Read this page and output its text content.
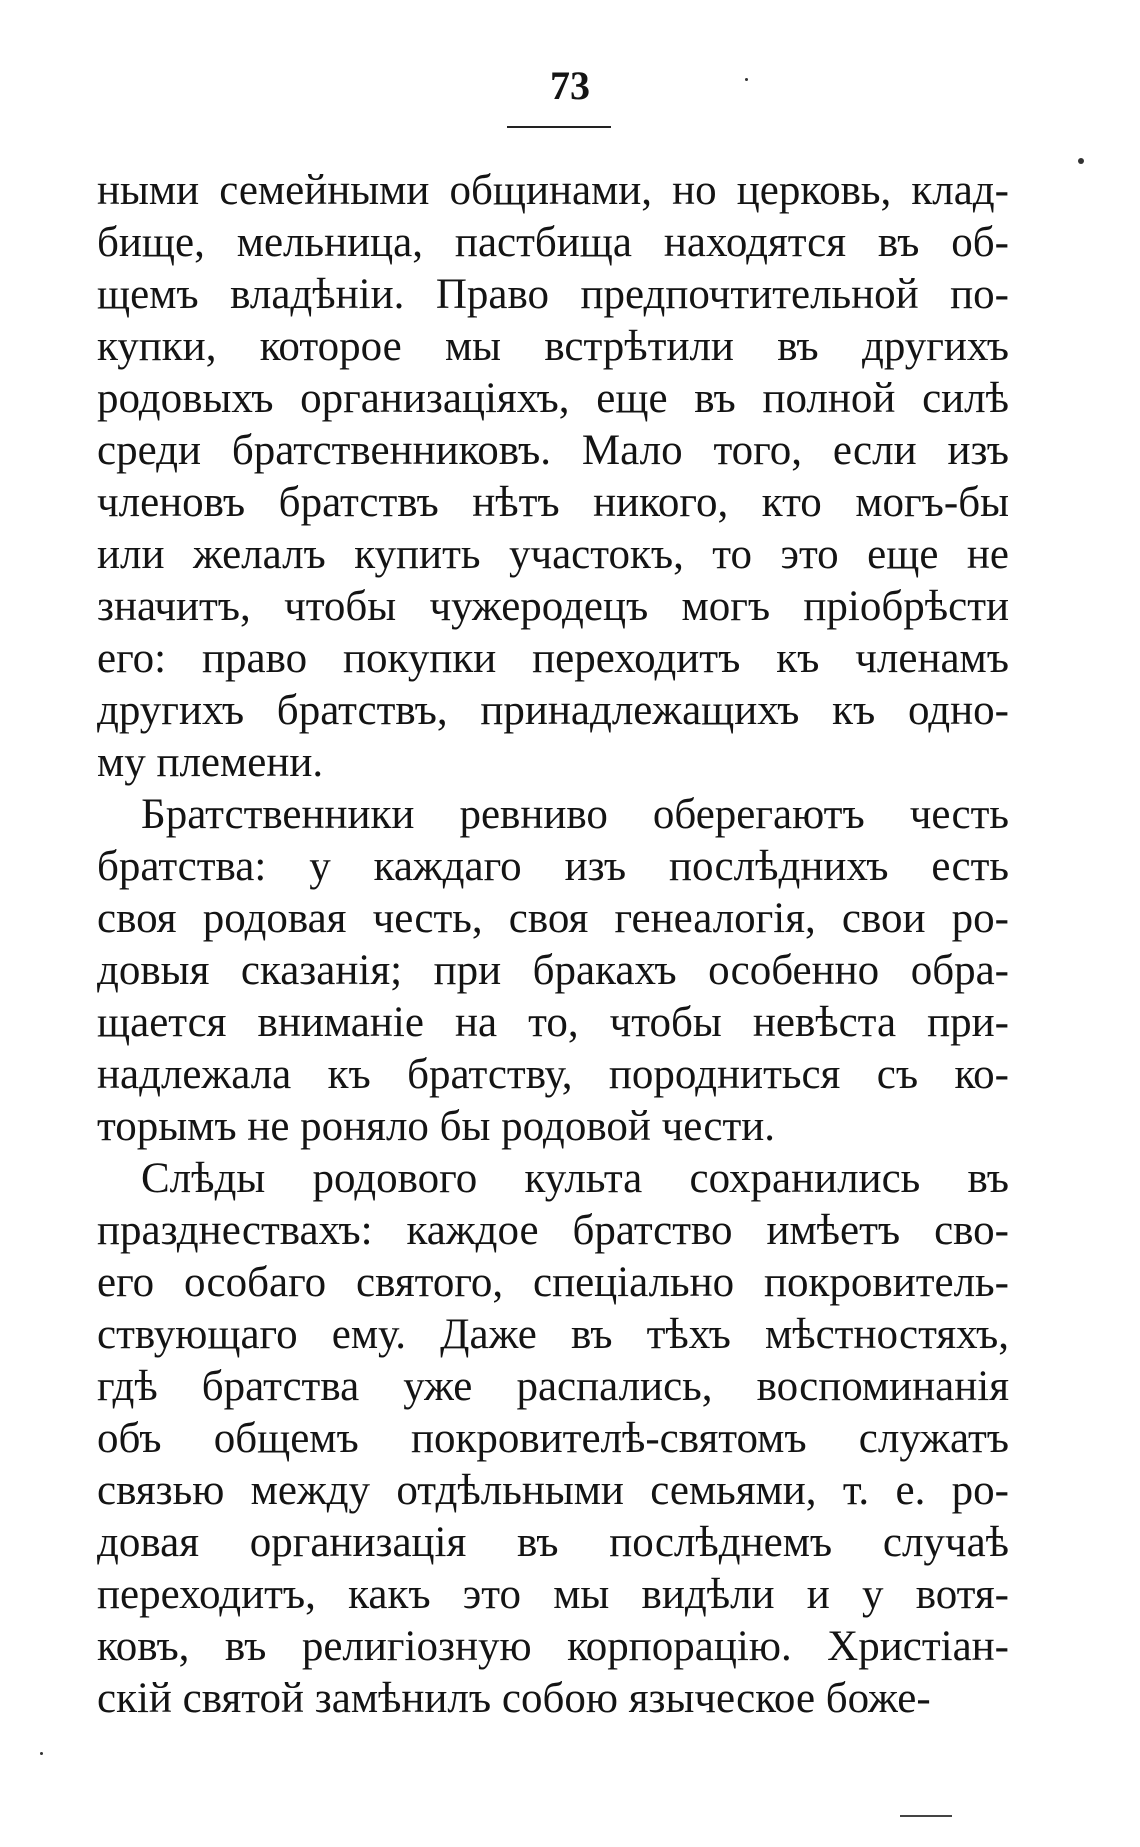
73
ными семейными общинами, но церковь, клад-
бище, мельница, пастбища находятся въ об-
щемъ владѣнiи. Право предпочтительной по-
купки, которое мы встрѣтили въ другихъ
родовыхъ организацiяхъ, еще въ полной силѣ
среди братственниковъ. Мало того, если изъ
членовъ братствъ нѣтъ никого, кто могъ-бы
или желалъ купить участокъ, то это еще не
значитъ, чтобы чужеродецъ могъ прiобрѣсти
его: право покупки переходитъ къ членамъ
другихъ братствъ, принадлежащихъ къ одно-
му племени.
Братственники ревниво оберегаютъ честь
братства: у каждаго изъ послѣднихъ есть
своя родовая честь, своя генеалогiя, свои ро-
довыя сказанiя; при бракахъ особенно обра-
щается вниманiе на то, чтобы невѣста при-
надлежала къ братству, породниться съ ко-
торымъ не роняло бы родовой чести.
Слѣды родового культа сохранились въ
празднествахъ: каждое братство имѣетъ сво-
его особаго святого, спецiально покровитель-
ствующаго ему. Даже въ тѣхъ мѣстностяхъ,
гдѣ братства уже распались, воспоминанiя
объ общемъ покровителѣ-святомъ служатъ
связью между отдѣльными семьями, т. е. ро-
довая организацiя въ послѣднемъ случаѣ
переходитъ, какъ это мы видѣли и у вотя-
ковъ, въ религiозную корпорацiю. Христiан-
скiй святой замѣнилъ собою языческое боже-
